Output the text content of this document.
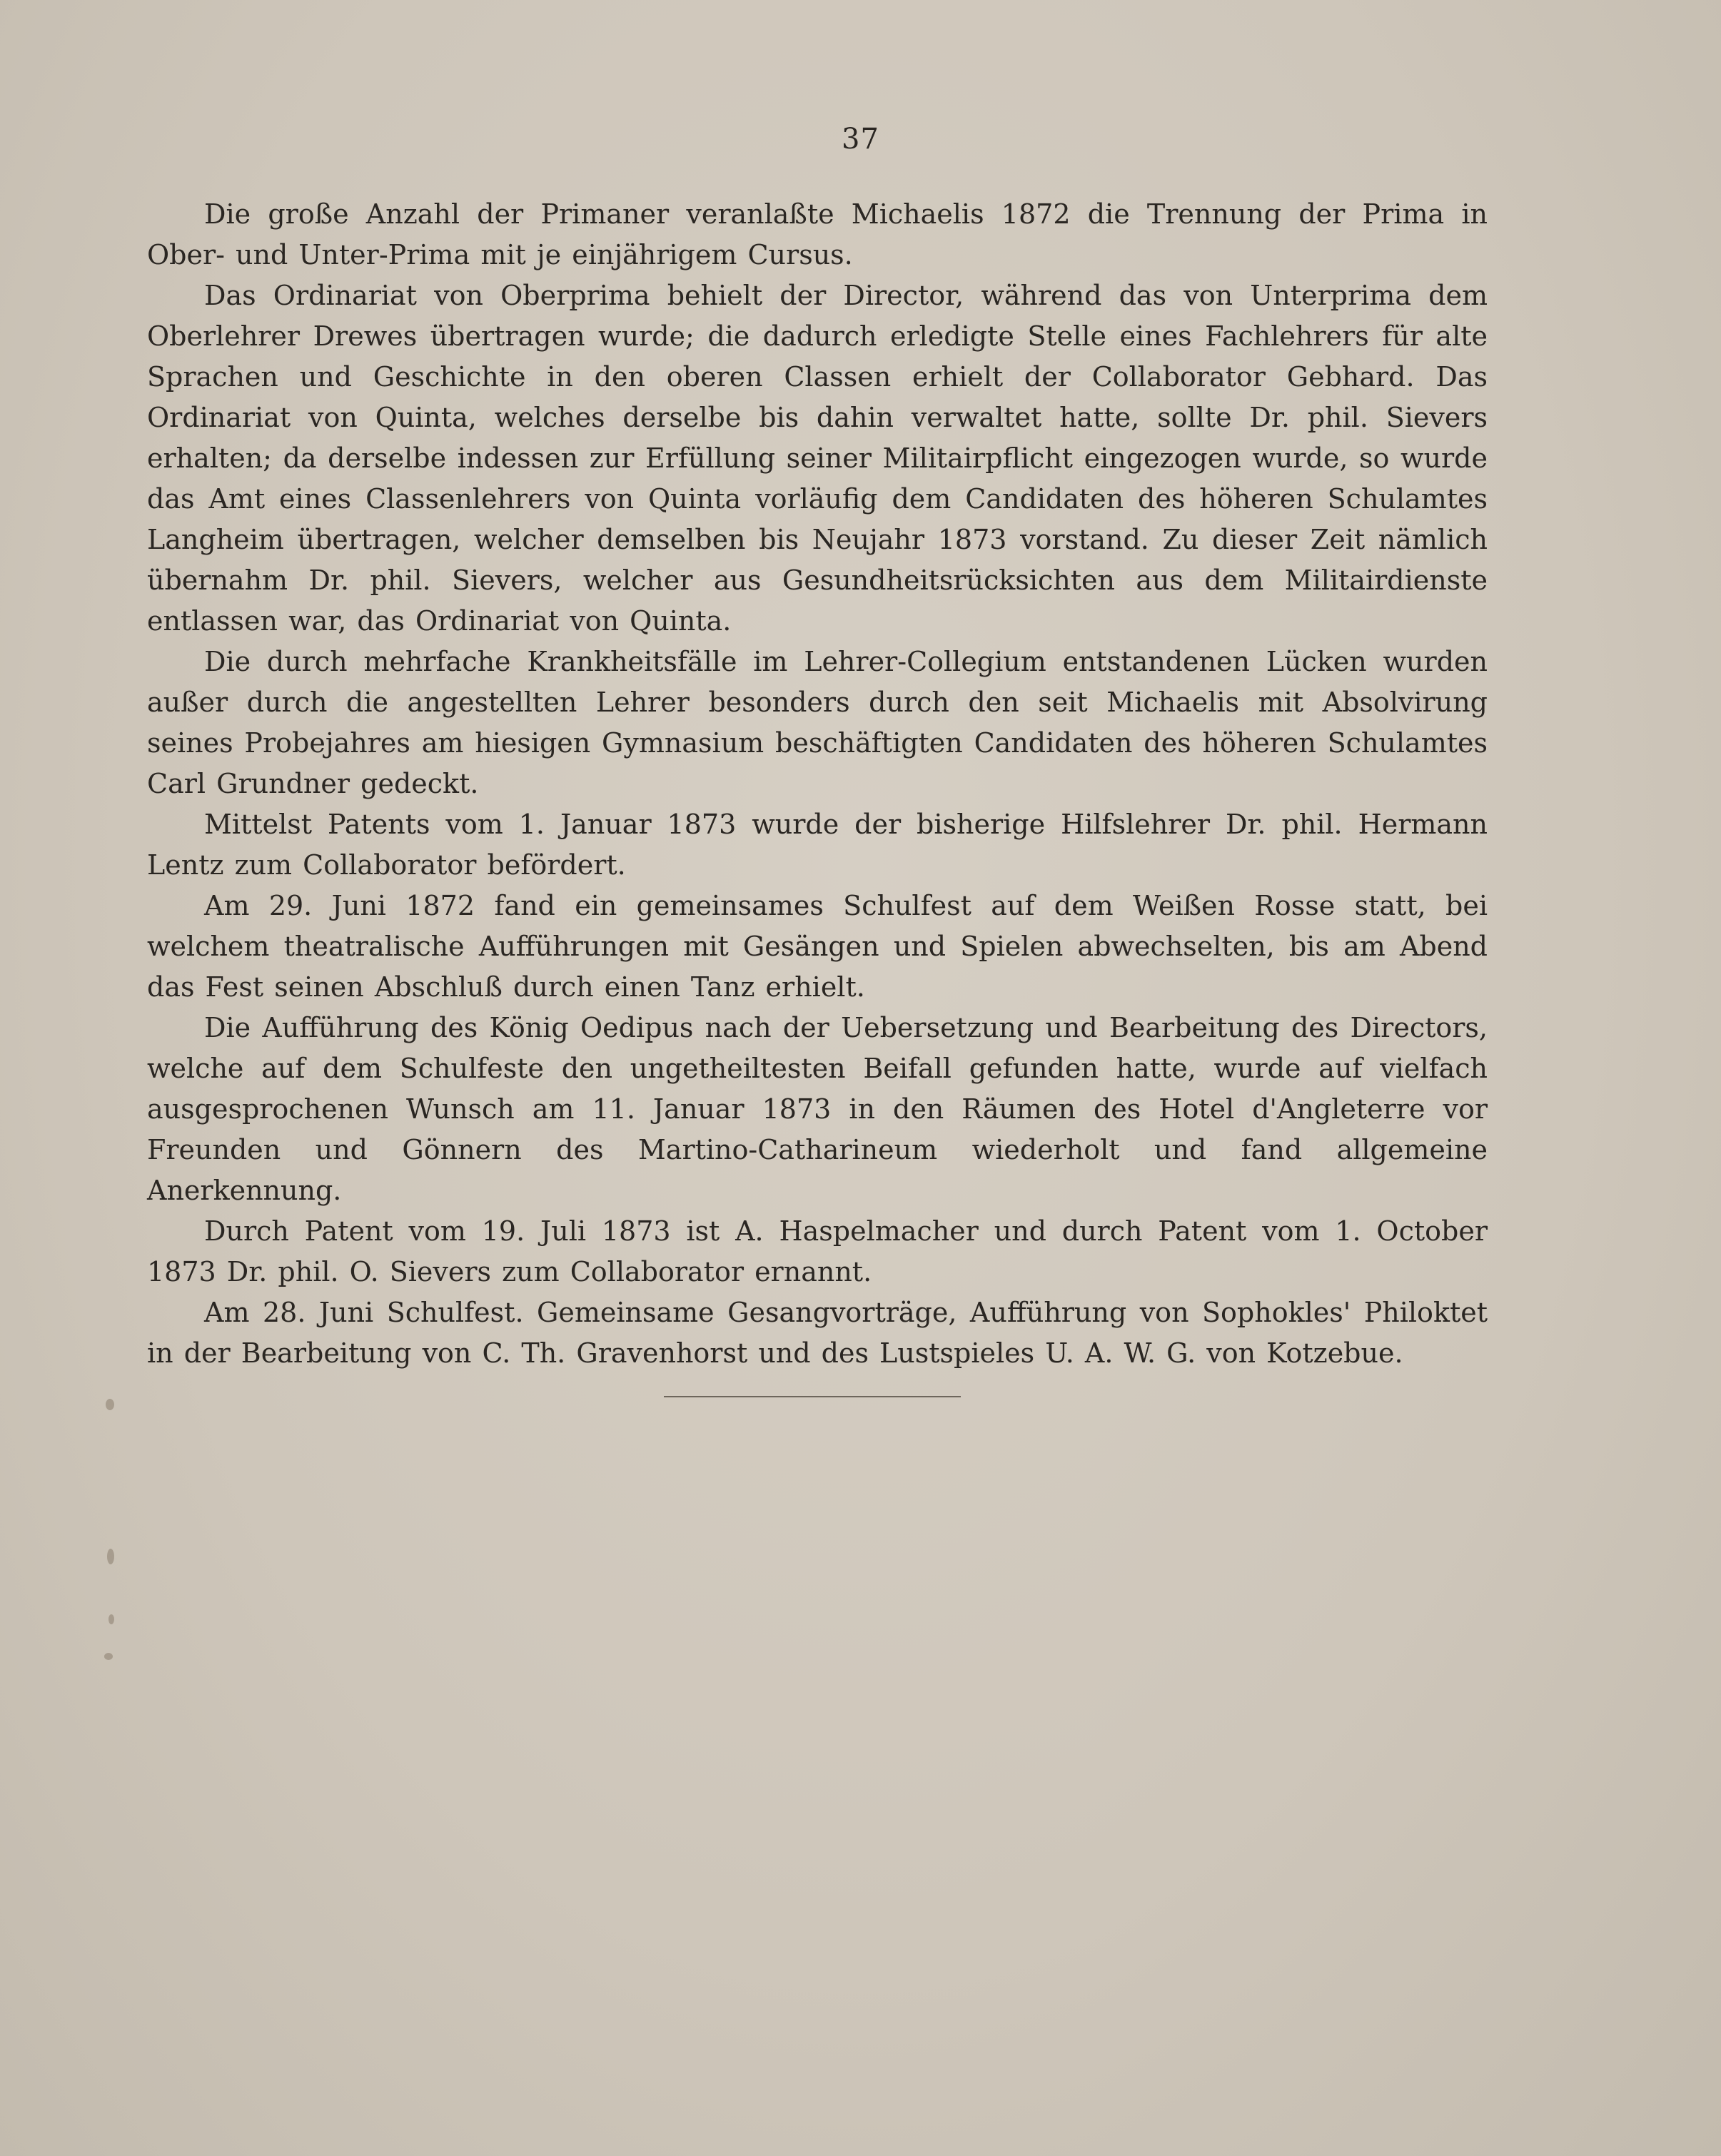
37

Die große Anzahl der Primaner veranlaßte Michaelis 1872 die Trennung der Prima in Ober- und Unter-Prima mit je einjährigem Cursus.

Das Ordinariat von Oberprima behielt der Director, während das von Unterprima dem Oberlehrer Drewes übertragen wurde; die dadurch erledigte Stelle eines Fachlehrers für alte Sprachen und Geschichte in den oberen Classen erhielt der Collaborator Gebhard. Das Ordinariat von Quinta, welches derselbe bis dahin verwaltet hatte, sollte Dr. phil. Sievers erhalten; da derselbe indessen zur Erfüllung seiner Militairpflicht eingezogen wurde, so wurde das Amt eines Classenlehrers von Quinta vorläufig dem Candidaten des höheren Schulamtes Langheim übertragen, welcher demselben bis Neujahr 1873 vorstand. Zu dieser Zeit nämlich übernahm Dr. phil. Sievers, welcher aus Gesundheitsrücksichten aus dem Militairdienste entlassen war, das Ordinariat von Quinta.

Die durch mehrfache Krankheitsfälle im Lehrer-Collegium entstandenen Lücken wurden außer durch die angestellten Lehrer besonders durch den seit Michaelis mit Absolvirung seines Probejahres am hiesigen Gymnasium beschäftigten Candidaten des höheren Schulamtes Carl Grundner gedeckt.

Mittelst Patents vom 1. Januar 1873 wurde der bisherige Hilfslehrer Dr. phil. Hermann Lentz zum Collaborator befördert.

Am 29. Juni 1872 fand ein gemeinsames Schulfest auf dem Weißen Rosse statt, bei welchem theatralische Aufführungen mit Gesängen und Spielen abwechselten, bis am Abend das Fest seinen Abschluß durch einen Tanz erhielt.

Die Aufführung des König Oedipus nach der Uebersetzung und Bearbeitung des Directors, welche auf dem Schulfeste den ungetheiltesten Beifall gefunden hatte, wurde auf vielfach ausgesprochenen Wunsch am 11. Januar 1873 in den Räumen des Hotel d'Angleterre vor Freunden und Gönnern des Martino-Catharineum wiederholt und fand allgemeine Anerkennung.

Durch Patent vom 19. Juli 1873 ist A. Haspelmacher und durch Patent vom 1. October 1873 Dr. phil. O. Sievers zum Collaborator ernannt.

Am 28. Juni Schulfest. Gemeinsame Gesangvorträge, Aufführung von Sophokles' Philoktet in der Bearbeitung von C. Th. Gravenhorst und des Lustspieles U. A. W. G. von Kotzebue.
